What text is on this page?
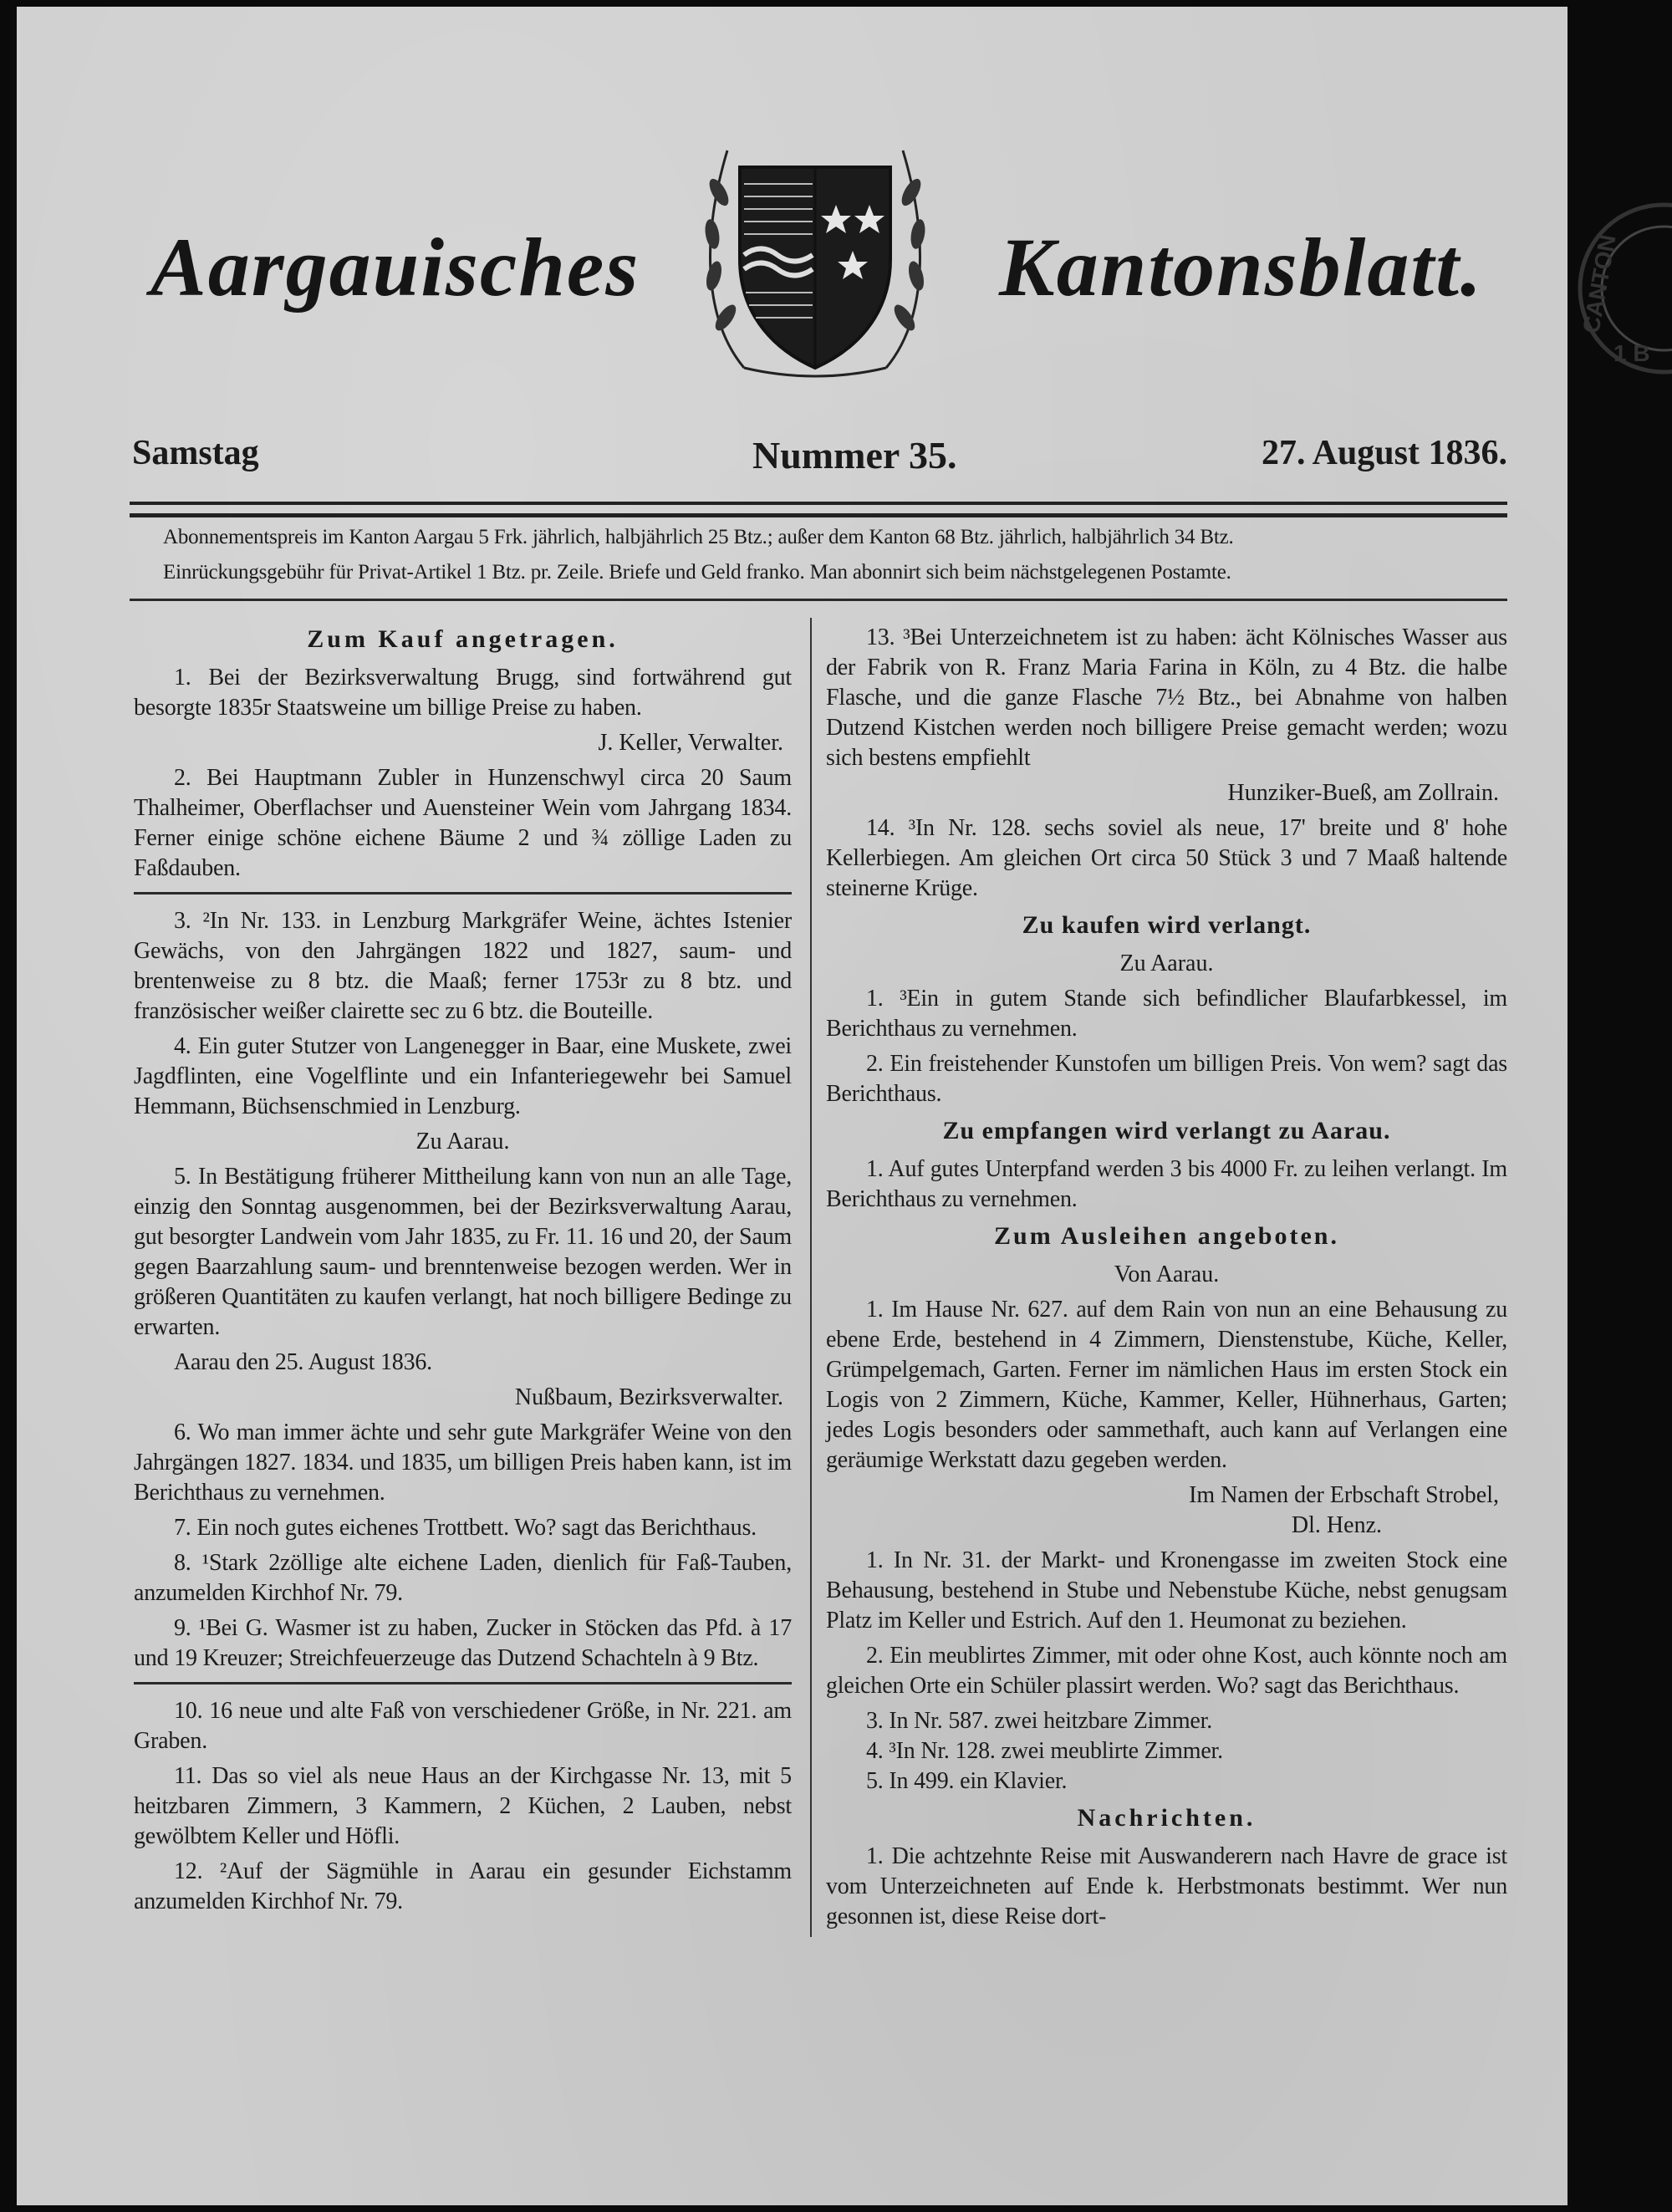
Aargauisches	Kantonsblatt.	CANTON
1 B
Samstag	Nummer 35.	27. August 1836.
Abonnementspreis im Kanton Aargau 5 Frk. jährlich, halbjährlich 25 Btz.; außer dem Kanton 68 Btz. jährlich, halbjährlich 34 Btz.
Einrückungsgebühr für Privat-Artikel 1 Btz. pr. Zeile. Briefe und Geld franko. Man abonnirt sich beim nächstgelegenen Postamte.
Zum Kauf angetragen.
1. Bei der Bezirksverwaltung Brugg, sind fortwährend gut besorgte 1835r Staatsweine um billige Preise zu haben.
J. Keller, Verwalter.
2. Bei Hauptmann Zubler in Hunzenschwyl circa 20 Saum Thalheimer, Oberflachser und Auensteiner Wein vom Jahrgang 1834. Ferner einige schöne eichene Bäume 2 und ¾ zöllige Laden zu Faßdauben.
3. ²In Nr. 133. in Lenzburg Markgräfer Weine, ächtes Istenier Gewächs, von den Jahrgängen 1822 und 1827, saum- und brentenweise zu 8 btz. die Maaß; ferner 1753r zu 8 btz. und französischer weißer clairette sec zu 6 btz. die Bouteille.
4. Ein guter Stutzer von Langenegger in Baar, eine Muskete, zwei Jagdflinten, eine Vogelflinte und ein Infanteriegewehr bei Samuel Hemmann, Büchsenschmied in Lenzburg.
Zu Aarau.
5. In Bestätigung früherer Mittheilung kann von nun an alle Tage, einzig den Sonntag ausgenommen, bei der Bezirksverwaltung Aarau, gut besorgter Landwein vom Jahr 1835, zu Fr. 11. 16 und 20, der Saum gegen Baarzahlung saum- und brenntenweise bezogen werden. Wer in größeren Quantitäten zu kaufen verlangt, hat noch billigere Bedinge zu erwarten.
Aarau den 25. August 1836.
Nußbaum, Bezirksverwalter.
6. Wo man immer ächte und sehr gute Markgräfer Weine von den Jahrgängen 1827. 1834. und 1835, um billigen Preis haben kann, ist im Berichthaus zu vernehmen.
7. Ein noch gutes eichenes Trottbett. Wo? sagt das Berichthaus.
8. ¹Stark 2zöllige alte eichene Laden, dienlich für Faß-Tauben, anzumelden Kirchhof Nr. 79.
9. ¹Bei G. Wasmer ist zu haben, Zucker in Stöcken das Pfd. à 17 und 19 Kreuzer; Streichfeuerzeuge das Dutzend Schachteln à 9 Btz.
10. 16 neue und alte Faß von verschiedener Größe, in Nr. 221. am Graben.
11. Das so viel als neue Haus an der Kirchgasse Nr. 13, mit 5 heitzbaren Zimmern, 3 Kammern, 2 Küchen, 2 Lauben, nebst gewölbtem Keller und Höfli.
12. ²Auf der Sägmühle in Aarau ein gesunder Eichstamm anzumelden Kirchhof Nr. 79.
13. ³Bei Unterzeichnetem ist zu haben: ächt Kölnisches Wasser aus der Fabrik von R. Franz Maria Farina in Köln, zu 4 Btz. die halbe Flasche, und die ganze Flasche 7½ Btz., bei Abnahme von halben Dutzend Kistchen werden noch billigere Preise gemacht werden; wozu sich bestens empfiehlt
Hunziker-Bueß, am Zollrain.
14. ³In Nr. 128. sechs soviel als neue, 17' breite und 8' hohe Kellerbiegen. Am gleichen Ort circa 50 Stück 3 und 7 Maaß haltende steinerne Krüge.
Zu kaufen wird verlangt.
Zu Aarau.
1. ³Ein in gutem Stande sich befindlicher Blaufarbkessel, im Berichthaus zu vernehmen.
2. Ein freistehender Kunstofen um billigen Preis. Von wem? sagt das Berichthaus.
Zu empfangen wird verlangt zu Aarau.
1. Auf gutes Unterpfand werden 3 bis 4000 Fr. zu leihen verlangt. Im Berichthaus zu vernehmen.
Zum Ausleihen angeboten.
Von Aarau.
1. Im Hause Nr. 627. auf dem Rain von nun an eine Behausung zu ebene Erde, bestehend in 4 Zimmern, Dienstenstube, Küche, Keller, Grümpelgemach, Garten. Ferner im nämlichen Haus im ersten Stock ein Logis von 2 Zimmern, Küche, Kammer, Keller, Hühnerhaus, Garten; jedes Logis besonders oder sammethaft, auch kann auf Verlangen eine geräumige Werkstatt dazu gegeben werden.
Im Namen der Erbschaft Strobel,
Dl. Henz.
1. In Nr. 31. der Markt- und Kronengasse im zweiten Stock eine Behausung, bestehend in Stube und Nebenstube Küche, nebst genugsam Platz im Keller und Estrich. Auf den 1. Heumonat zu beziehen.
2. Ein meublirtes Zimmer, mit oder ohne Kost, auch könnte noch am gleichen Orte ein Schüler plassirt werden. Wo? sagt das Berichthaus.
3. In Nr. 587. zwei heitzbare Zimmer.
4. ³In Nr. 128. zwei meublirte Zimmer.
5. In 499. ein Klavier.
Nachrichten.
1. Die achtzehnte Reise mit Auswanderern nach Havre de grace ist vom Unterzeichneten auf Ende k. Herbstmonats bestimmt. Wer nun gesonnen ist, diese Reise dort-
